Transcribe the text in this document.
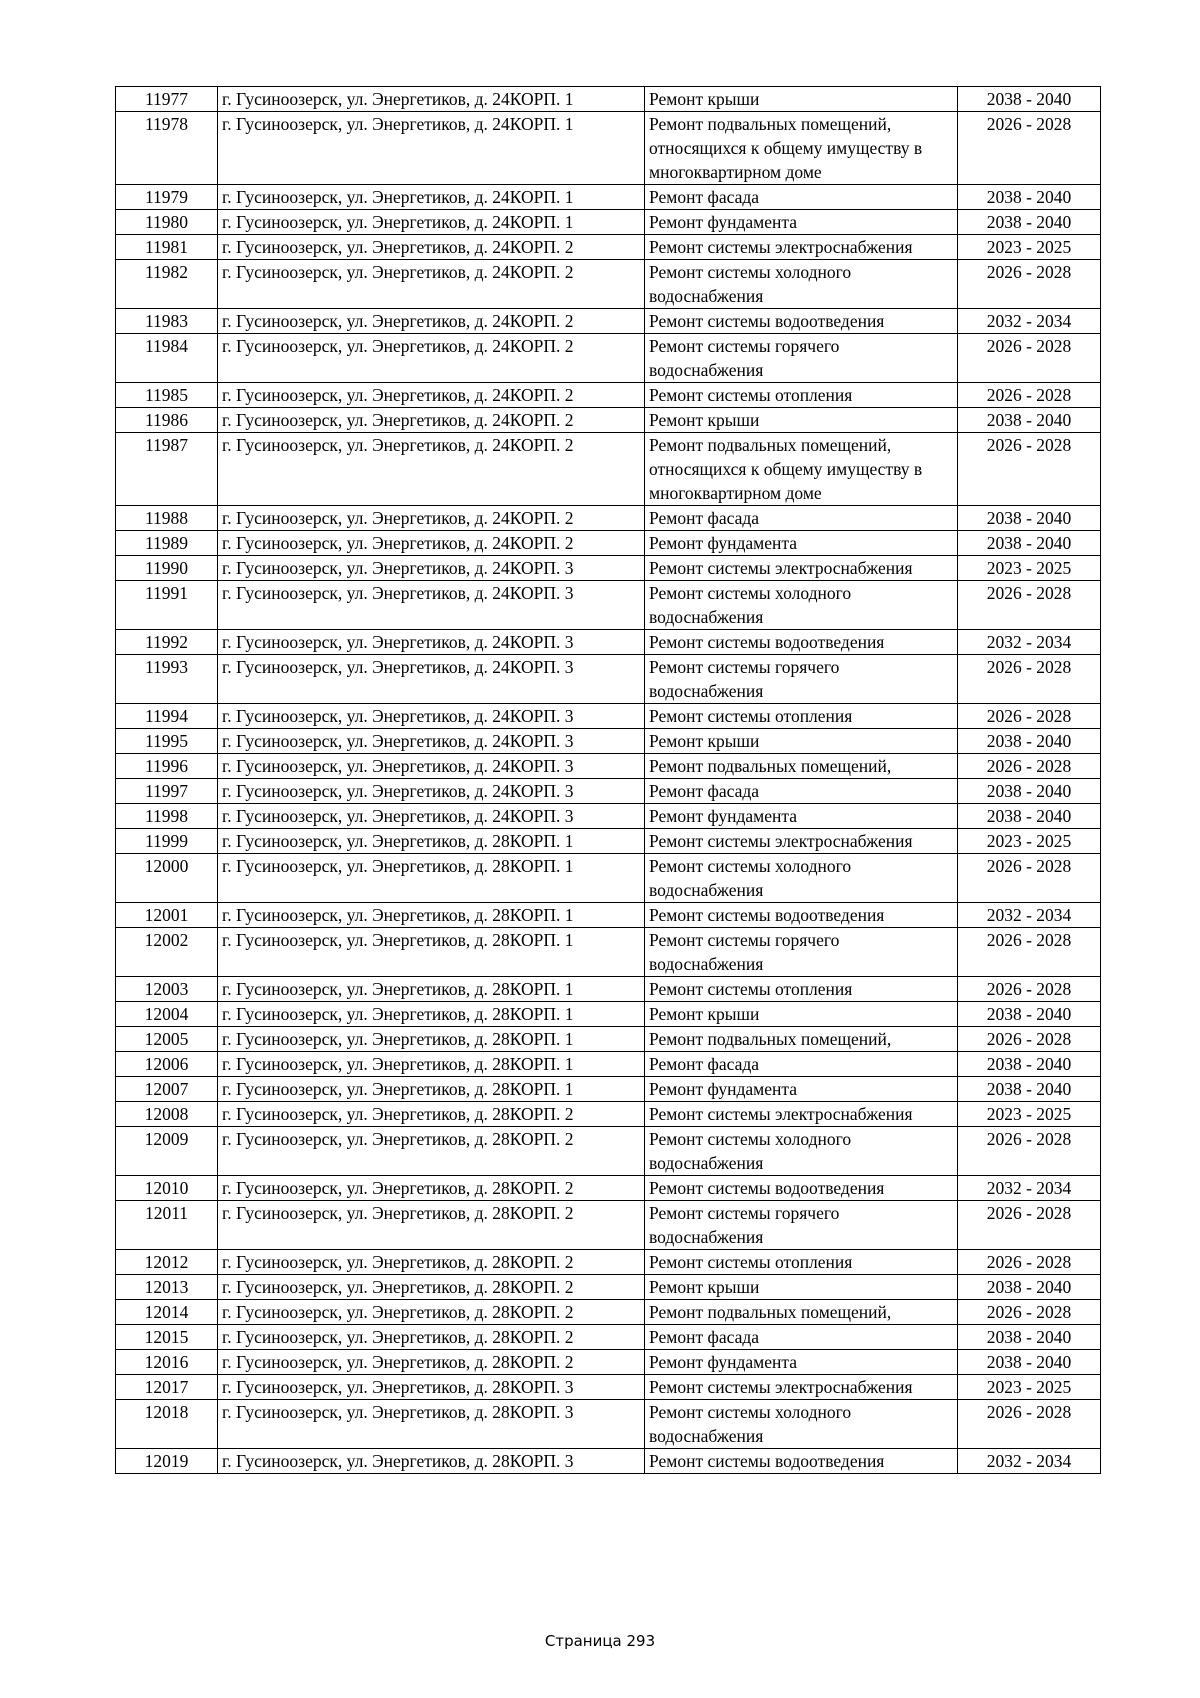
11977	г. Гусиноозерск, ул. Энергетиков, д. 24КОРП. 1	Ремонт крыши	2038 - 2040
11978	г. Гусиноозерск, ул. Энергетиков, д. 24КОРП. 1	Ремонт подвальных помещений,
относящихся к общему имуществу в
многоквартирном доме	2026 - 2028
11979	г. Гусиноозерск, ул. Энергетиков, д. 24КОРП. 1	Ремонт фасада	2038 - 2040
11980	г. Гусиноозерск, ул. Энергетиков, д. 24КОРП. 1	Ремонт фундамента	2038 - 2040
11981	г. Гусиноозерск, ул. Энергетиков, д. 24КОРП. 2	Ремонт системы электроснабжения	2023 - 2025
11982	г. Гусиноозерск, ул. Энергетиков, д. 24КОРП. 2	Ремонт системы холодного
водоснабжения	2026 - 2028
11983	г. Гусиноозерск, ул. Энергетиков, д. 24КОРП. 2	Ремонт системы водоотведения	2032 - 2034
11984	г. Гусиноозерск, ул. Энергетиков, д. 24КОРП. 2	Ремонт системы горячего
водоснабжения	2026 - 2028
11985	г. Гусиноозерск, ул. Энергетиков, д. 24КОРП. 2	Ремонт системы отопления	2026 - 2028
11986	г. Гусиноозерск, ул. Энергетиков, д. 24КОРП. 2	Ремонт крыши	2038 - 2040
11987	г. Гусиноозерск, ул. Энергетиков, д. 24КОРП. 2	Ремонт подвальных помещений,
относящихся к общему имуществу в
многоквартирном доме	2026 - 2028
11988	г. Гусиноозерск, ул. Энергетиков, д. 24КОРП. 2	Ремонт фасада	2038 - 2040
11989	г. Гусиноозерск, ул. Энергетиков, д. 24КОРП. 2	Ремонт фундамента	2038 - 2040
11990	г. Гусиноозерск, ул. Энергетиков, д. 24КОРП. 3	Ремонт системы электроснабжения	2023 - 2025
11991	г. Гусиноозерск, ул. Энергетиков, д. 24КОРП. 3	Ремонт системы холодного
водоснабжения	2026 - 2028
11992	г. Гусиноозерск, ул. Энергетиков, д. 24КОРП. 3	Ремонт системы водоотведения	2032 - 2034
11993	г. Гусиноозерск, ул. Энергетиков, д. 24КОРП. 3	Ремонт системы горячего
водоснабжения	2026 - 2028
11994	г. Гусиноозерск, ул. Энергетиков, д. 24КОРП. 3	Ремонт системы отопления	2026 - 2028
11995	г. Гусиноозерск, ул. Энергетиков, д. 24КОРП. 3	Ремонт крыши	2038 - 2040
11996	г. Гусиноозерск, ул. Энергетиков, д. 24КОРП. 3	Ремонт подвальных помещений,	2026 - 2028
11997	г. Гусиноозерск, ул. Энергетиков, д. 24КОРП. 3	Ремонт фасада	2038 - 2040
11998	г. Гусиноозерск, ул. Энергетиков, д. 24КОРП. 3	Ремонт фундамента	2038 - 2040
11999	г. Гусиноозерск, ул. Энергетиков, д. 28КОРП. 1	Ремонт системы электроснабжения	2023 - 2025
12000	г. Гусиноозерск, ул. Энергетиков, д. 28КОРП. 1	Ремонт системы холодного
водоснабжения	2026 - 2028
12001	г. Гусиноозерск, ул. Энергетиков, д. 28КОРП. 1	Ремонт системы водоотведения	2032 - 2034
12002	г. Гусиноозерск, ул. Энергетиков, д. 28КОРП. 1	Ремонт системы горячего
водоснабжения	2026 - 2028
12003	г. Гусиноозерск, ул. Энергетиков, д. 28КОРП. 1	Ремонт системы отопления	2026 - 2028
12004	г. Гусиноозерск, ул. Энергетиков, д. 28КОРП. 1	Ремонт крыши	2038 - 2040
12005	г. Гусиноозерск, ул. Энергетиков, д. 28КОРП. 1	Ремонт подвальных помещений,	2026 - 2028
12006	г. Гусиноозерск, ул. Энергетиков, д. 28КОРП. 1	Ремонт фасада	2038 - 2040
12007	г. Гусиноозерск, ул. Энергетиков, д. 28КОРП. 1	Ремонт фундамента	2038 - 2040
12008	г. Гусиноозерск, ул. Энергетиков, д. 28КОРП. 2	Ремонт системы электроснабжения	2023 - 2025
12009	г. Гусиноозерск, ул. Энергетиков, д. 28КОРП. 2	Ремонт системы холодного
водоснабжения	2026 - 2028
12010	г. Гусиноозерск, ул. Энергетиков, д. 28КОРП. 2	Ремонт системы водоотведения	2032 - 2034
12011	г. Гусиноозерск, ул. Энергетиков, д. 28КОРП. 2	Ремонт системы горячего
водоснабжения	2026 - 2028
12012	г. Гусиноозерск, ул. Энергетиков, д. 28КОРП. 2	Ремонт системы отопления	2026 - 2028
12013	г. Гусиноозерск, ул. Энергетиков, д. 28КОРП. 2	Ремонт крыши	2038 - 2040
12014	г. Гусиноозерск, ул. Энергетиков, д. 28КОРП. 2	Ремонт подвальных помещений,	2026 - 2028
12015	г. Гусиноозерск, ул. Энергетиков, д. 28КОРП. 2	Ремонт фасада	2038 - 2040
12016	г. Гусиноозерск, ул. Энергетиков, д. 28КОРП. 2	Ремонт фундамента	2038 - 2040
12017	г. Гусиноозерск, ул. Энергетиков, д. 28КОРП. 3	Ремонт системы электроснабжения	2023 - 2025
12018	г. Гусиноозерск, ул. Энергетиков, д. 28КОРП. 3	Ремонт системы холодного
водоснабжения	2026 - 2028
12019	г. Гусиноозерск, ул. Энергетиков, д. 28КОРП. 3	Ремонт системы водоотведения	2032 - 2034
Страница 293
